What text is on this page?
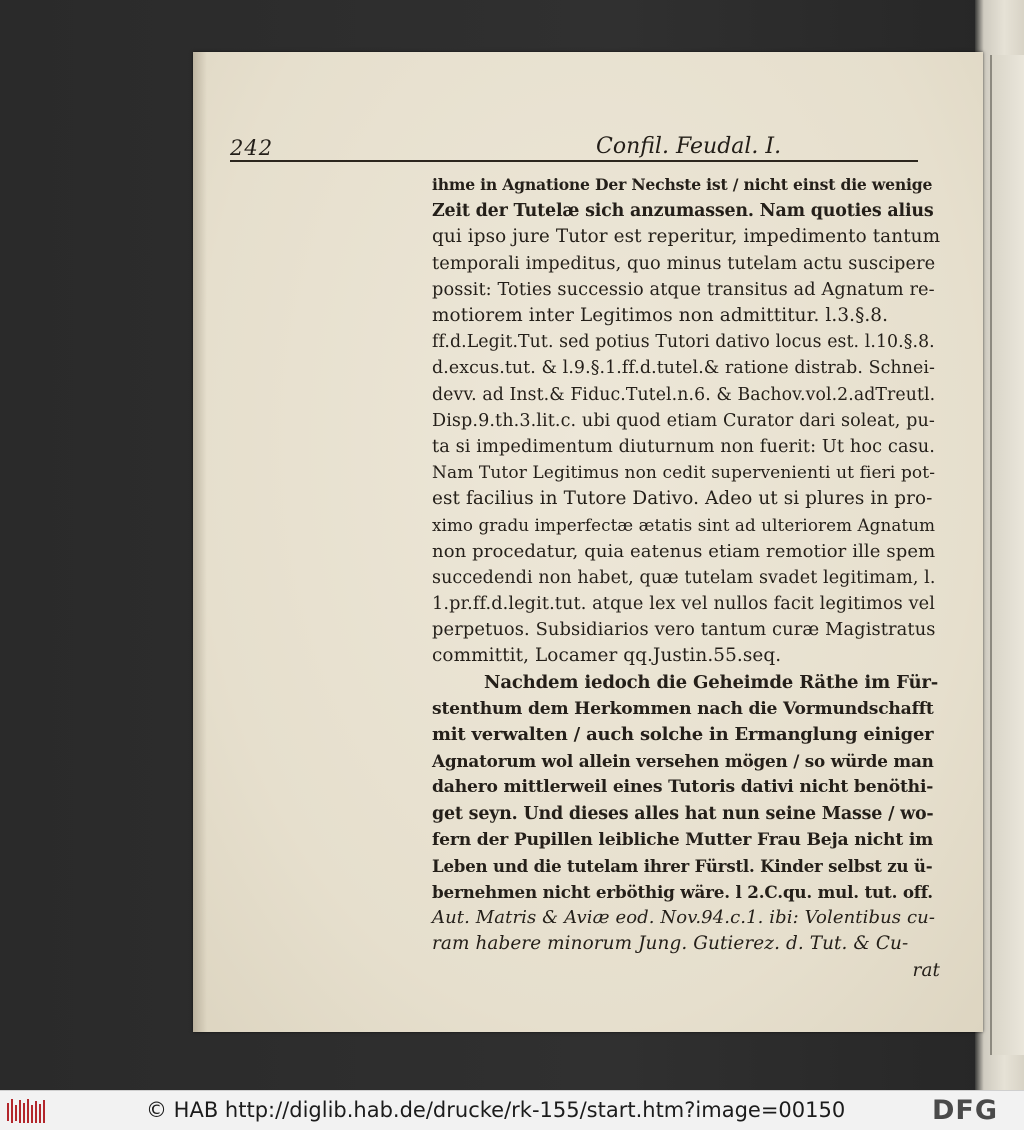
242	Confil. Feudal. I.
ihme in Agnatione Der Nechste ist / nicht einst die wenige
Zeit der Tutelæ sich anzumassen. Nam quoties alius
qui ipso jure Tutor est reperitur, impedimento tantum
temporali impeditus, quo minus tutelam actu suscipere
possit: Toties successio atque transitus ad Agnatum re-
motiorem inter Legitimos non admittitur. l.3.§.8.
ff.d.Legit.Tut. sed potius Tutori dativo locus est. l.10.§.8.
d.excus.tut. & l.9.§.1.ff.d.tutel.& ratione distrab. Schnei-
devv. ad Inst.& Fiduc.Tutel.n.6. & Bachov.vol.2.adTreutl.
Disp.9.th.3.lit.c. ubi quod etiam Curator dari soleat, pu-
ta si impedimentum diuturnum non fuerit: Ut hoc casu.
Nam Tutor Legitimus non cedit supervenienti ut fieri pot-
est facilius in Tutore Dativo. Adeo ut si plures in pro-
ximo gradu imperfectæ ætatis sint ad ulteriorem Agnatum
non procedatur, quia eatenus etiam remotior ille spem
succedendi non habet, quæ tutelam svadet legitimam, l.
1.pr.ff.d.legit.tut. atque lex vel nullos facit legitimos vel
perpetuos. Subsidiarios vero tantum curæ Magistratus
committit, Locamer qq.Justin.55.seq.
Nachdem iedoch die Geheimde Räthe im Für-
stenthum dem Herkommen nach die Vormundschafft
mit verwalten / auch solche in Ermanglung einiger
Agnatorum wol allein versehen mögen / so würde man
dahero mittlerweil eines Tutoris dativi nicht benöthi-
get seyn. Und dieses alles hat nun seine Masse / wo-
fern der Pupillen leibliche Mutter Frau Beja nicht im
Leben und die tutelam ihrer Fürstl. Kinder selbst zu ü-
bernehmen nicht erböthig wäre. l 2.C.qu. mul. tut. off.
Aut. Matris & Aviæ eod. Nov.94.c.1. ibi: Volentibus cu-
ram habere minorum Jung. Gutierez. d. Tut. & Cu-
rat
© HAB http://diglib.hab.de/drucke/rk-155/start.htm?image=00150	DFG
